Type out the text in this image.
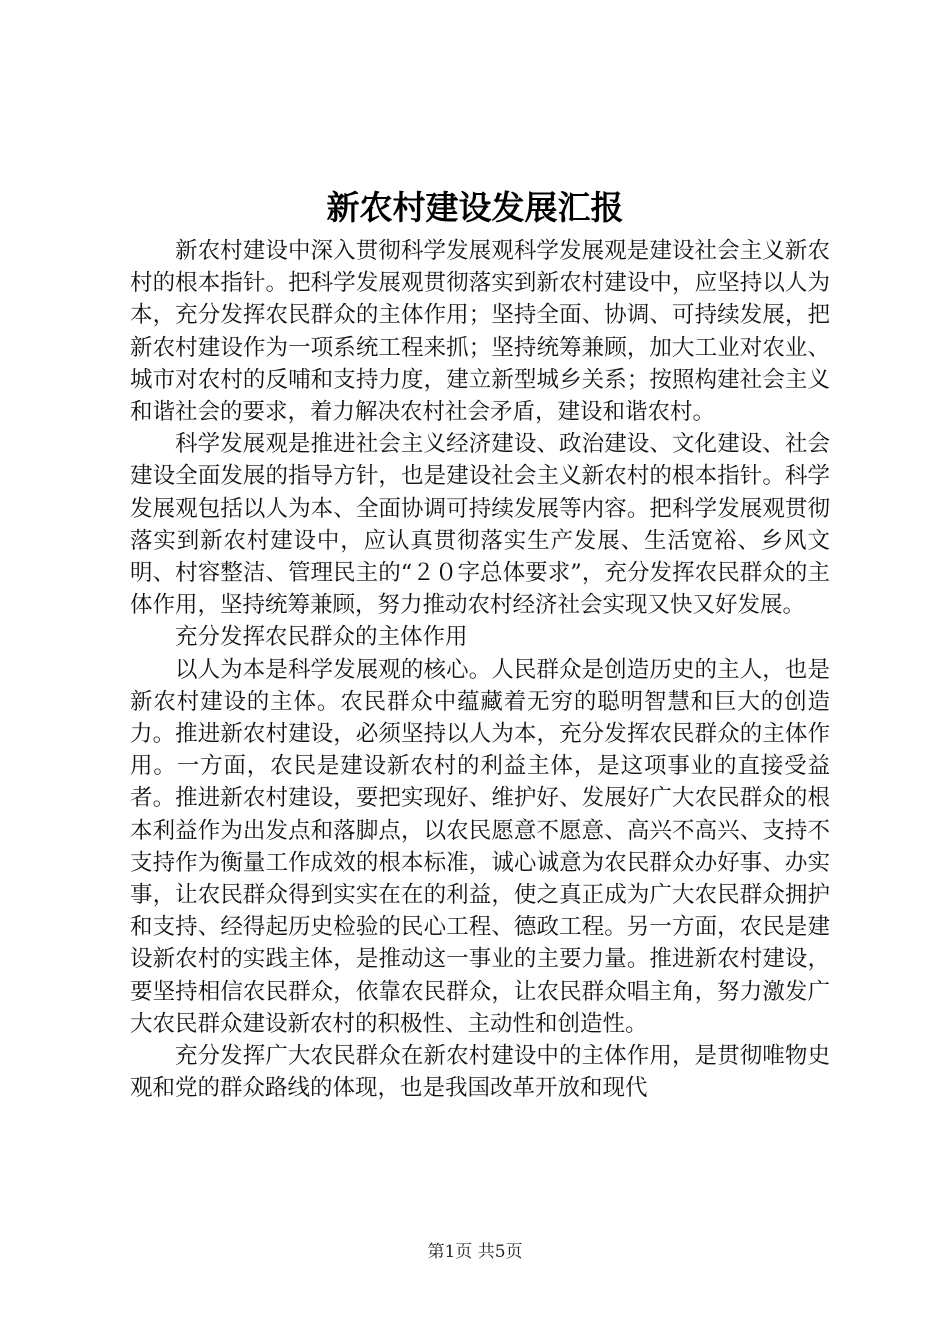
新农村建设发展汇报

新农村建设中深入贯彻科学发展观科学发展观是建设社会主义新农村的根本指针。把科学发展观贯彻落实到新农村建设中，应坚持以人为本，充分发挥农民群众的主体作用；坚持全面、协调、可持续发展，把新农村建设作为一项系统工程来抓；坚持统筹兼顾，加大工业对农业、城市对农村的反哺和支持力度，建立新型城乡关系；按照构建社会主义和谐社会的要求，着力解决农村社会矛盾，建设和谐农村。

科学发展观是推进社会主义经济建设、政治建设、文化建设、社会建设全面发展的指导方针，也是建设社会主义新农村的根本指针。科学发展观包括以人为本、全面协调可持续发展等内容。把科学发展观贯彻落实到新农村建设中，应认真贯彻落实生产发展、生活宽裕、乡风文明、村容整洁、管理民主的“２０字总体要求”，充分发挥农民群众的主体作用，坚持统筹兼顾，努力推动农村经济社会实现又快又好发展。

充分发挥农民群众的主体作用

以人为本是科学发展观的核心。人民群众是创造历史的主人，也是新农村建设的主体。农民群众中蕴藏着无穷的聪明智慧和巨大的创造力。推进新农村建设，必须坚持以人为本，充分发挥农民群众的主体作用。一方面，农民是建设新农村的利益主体，是这项事业的直接受益者。推进新农村建设，要把实现好、维护好、发展好广大农民群众的根本利益作为出发点和落脚点，以农民愿意不愿意、高兴不高兴、支持不支持作为衡量工作成效的根本标准，诚心诚意为农民群众办好事、办实事，让农民群众得到实实在在的利益，使之真正成为广大农民群众拥护和支持、经得起历史检验的民心工程、德政工程。另一方面，农民是建设新农村的实践主体，是推动这一事业的主要力量。推进新农村建设，要坚持相信农民群众，依靠农民群众，让农民群众唱主角，努力激发广大农民群众建设新农村的积极性、主动性和创造性。

充分发挥广大农民群众在新农村建设中的主体作用，是贯彻唯物史观和党的群众路线的体现，也是我国改革开放和现代

第1页 共5页
